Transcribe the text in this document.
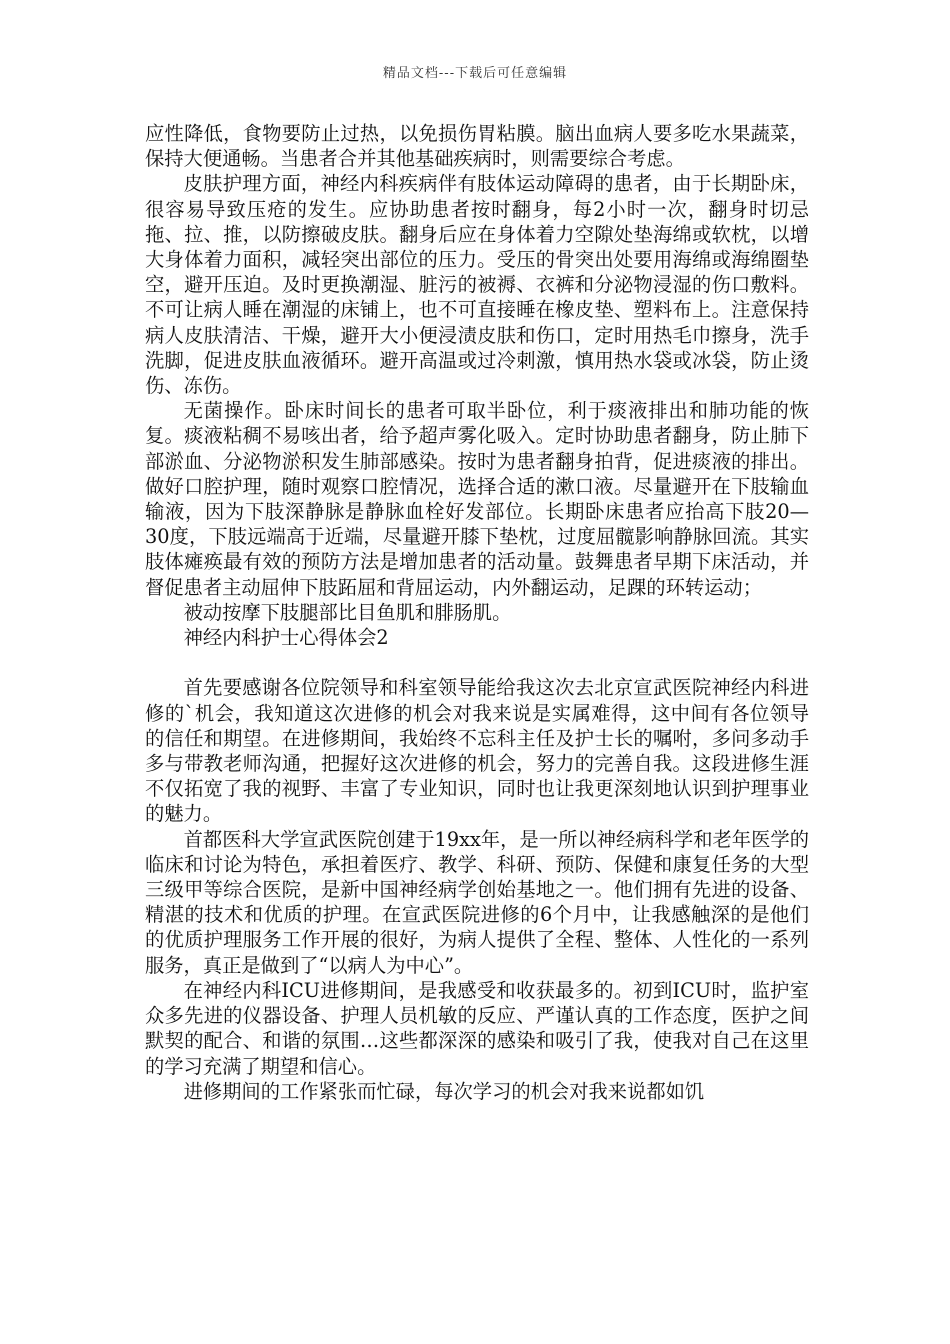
精品文档---下载后可任意编辑

应性降低，食物要防止过热，以免损伤胃粘膜。脑出血病人要多吃水果蔬菜，保持大便通畅。当患者合并其他基础疾病时，则需要综合考虑。

皮肤护理方面，神经内科疾病伴有肢体运动障碍的患者，由于长期卧床，很容易导致压疮的发生。应协助患者按时翻身，每2小时一次，翻身时切忌拖、拉、推，以防擦破皮肤。翻身后应在身体着力空隙处垫海绵或软枕，以增大身体着力面积，减轻突出部位的压力。受压的骨突出处要用海绵或海绵圈垫空，避开压迫。及时更换潮湿、脏污的被褥、衣裤和分泌物浸湿的伤口敷料。不可让病人睡在潮湿的床铺上，也不可直接睡在橡皮垫、塑料布上。注意保持病人皮肤清洁、干燥，避开大小便浸渍皮肤和伤口，定时用热毛巾擦身，洗手洗脚，促进皮肤血液循环。避开高温或过冷刺激，慎用热水袋或冰袋，防止烫伤、冻伤。

无菌操作。卧床时间长的患者可取半卧位，利于痰液排出和肺功能的恢复。痰液粘稠不易咳出者，给予超声雾化吸入。定时协助患者翻身，防止肺下部淤血、分泌物淤积发生肺部感染。按时为患者翻身拍背，促进痰液的排出。做好口腔护理，随时观察口腔情况，选择合适的漱口液。尽量避开在下肢输血输液，因为下肢深静脉是静脉血栓好发部位。长期卧床患者应抬高下肢20—30度，下肢远端高于近端，尽量避开膝下垫枕，过度屈髋影响静脉回流。其实肢体瘫痪最有效的预防方法是增加患者的活动量。鼓舞患者早期下床活动，并督促患者主动屈伸下肢跖屈和背屈运动，内外翻运动，足踝的环转运动；

被动按摩下肢腿部比目鱼肌和腓肠肌。

神经内科护士心得体会2

首先要感谢各位院领导和科室领导能给我这次去北京宣武医院神经内科进修的`机会，我知道这次进修的机会对我来说是实属难得，这中间有各位领导的信任和期望。在进修期间，我始终不忘科主任及护士长的嘱咐，多问多动手多与带教老师沟通，把握好这次进修的机会，努力的完善自我。这段进修生涯不仅拓宽了我的视野、丰富了专业知识，同时也让我更深刻地认识到护理事业的魅力。

首都医科大学宣武医院创建于19xx年，是一所以神经病科学和老年医学的临床和讨论为特色，承担着医疗、教学、科研、预防、保健和康复任务的大型三级甲等综合医院，是新中国神经病学创始基地之一。他们拥有先进的设备、精湛的技术和优质的护理。在宣武医院进修的6个月中，让我感触深的是他们的优质护理服务工作开展的很好，为病人提供了全程、整体、人性化的一系列服务，真正是做到了“以病人为中心”。

在神经内科ICU进修期间，是我感受和收获最多的。初到ICU时，监护室众多先进的仪器设备、护理人员机敏的反应、严谨认真的工作态度，医护之间默契的配合、和谐的氛围…这些都深深的感染和吸引了我，使我对自己在这里的学习充满了期望和信心。

进修期间的工作紧张而忙碌，每次学习的机会对我来说都如饥
